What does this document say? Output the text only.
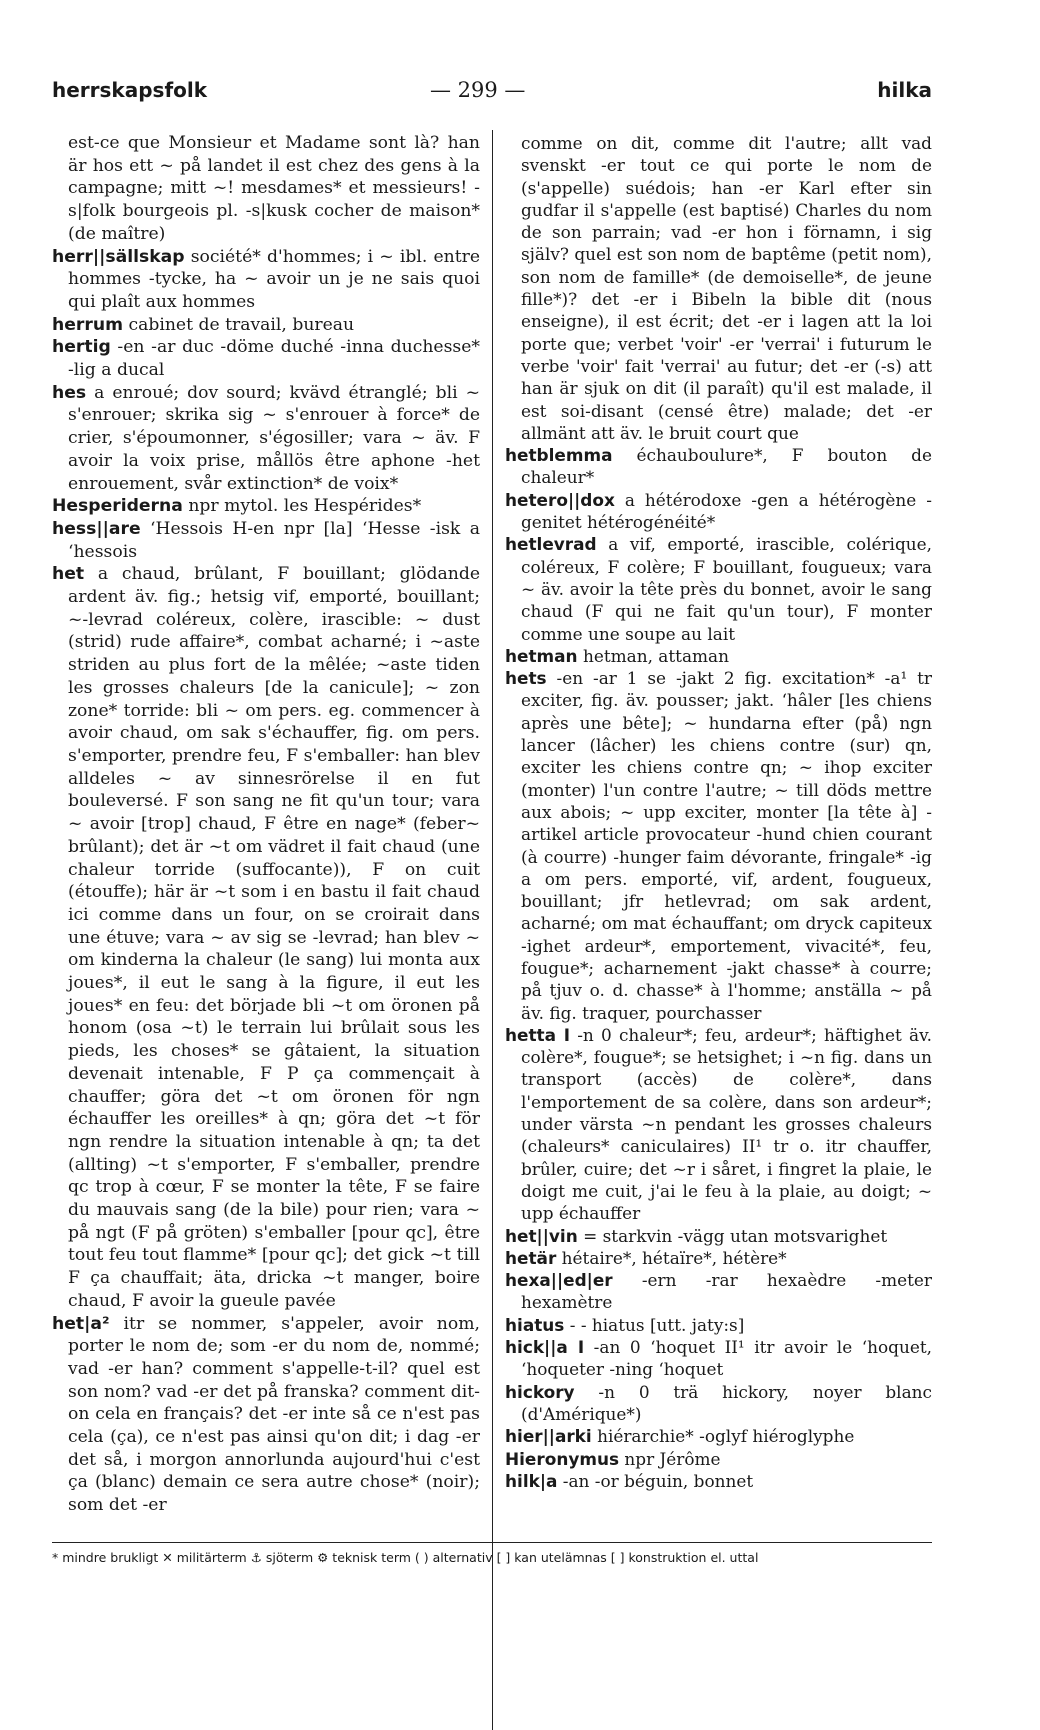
herrskapsfolk	— 299 —	hilka

est-ce que Monsieur et Madame sont là? han är hos ett ~ på landet il est chez des gens à la campagne; mitt ~! mesdames* et messieurs! -s|folk bourgeois pl. -s|kusk cocher de maison* (de maître)

herr||sällskap société* d'hommes; i ~ ibl. entre hommes -tycke, ha ~ avoir un je ne sais quoi qui plaît aux hommes

herrum cabinet de travail, bureau

hertig -en -ar duc -döme duché -inna duchesse* -lig a ducal

hes a enroué; dov sourd; kvävd étranglé; bli ~ s'enrouer; skrika sig ~ s'enrouer à force* de crier, s'époumonner, s'égosiller; vara ~ äv. F avoir la voix prise, mållös être aphone -het enrouement, svår extinction* de voix*

Hesperiderna npr mytol. les Hespérides*

hess||are ʻHessois H-en npr [la] ʻHesse -isk a ʻhessois

het a chaud, brûlant, F bouillant; glödande ardent äv. fig.; hetsig vif, emporté, bouillant; ~-levrad coléreux, colère, irascible: ~ dust (strid) rude affaire*, combat acharné; i ~aste striden au plus fort de la mêlée; ~aste tiden les grosses chaleurs [de la canicule]; ~ zon zone* torride: bli ~ om pers. eg. commencer à avoir chaud, om sak s'échauffer, fig. om pers. s'emporter, prendre feu, F s'emballer: han blev alldeles ~ av sinnesrörelse il en fut bouleversé. F son sang ne fit qu'un tour; vara ~ avoir [trop] chaud, F être en nage* (feber~ brûlant); det är ~t om vädret il fait chaud (une chaleur torride (suffocante)), F on cuit (étouffe); här är ~t som i en bastu il fait chaud ici comme dans un four, on se croirait dans une étuve; vara ~ av sig se -levrad; han blev ~ om kinderna la chaleur (le sang) lui monta aux joues*, il eut le sang à la figure, il eut les joues* en feu: det började bli ~t om öronen på honom (osa ~t) le terrain lui brûlait sous les pieds, les choses* se gâtaient, la situation devenait intenable, F P ça commençait à chauffer; göra det ~t om öronen för ngn échauffer les oreilles* à qn; göra det ~t för ngn rendre la situation intenable à qn; ta det (allting) ~t s'emporter, F s'emballer, prendre qc trop à cœur, F se monter la tête, F se faire du mauvais sang (de la bile) pour rien; vara ~ på ngt (F på gröten) s'emballer [pour qc], être tout feu tout flamme* [pour qc]; det gick ~t till F ça chauffait; äta, dricka ~t manger, boire chaud, F avoir la gueule pavée

het|a² itr se nommer, s'appeler, avoir nom, porter le nom de; som -er du nom de, nommé; vad -er han? comment s'appelle-t-il? quel est son nom? vad -er det på franska? comment dit-on cela en français? det -er inte så ce n'est pas cela (ça), ce n'est pas ainsi qu'on dit; i dag -er det så, i morgon annorlunda aujourd'hui c'est ça (blanc) demain ce sera autre chose* (noir); som det -er

comme on dit, comme dit l'autre; allt vad svenskt -er tout ce qui porte le nom de (s'appelle) suédois; han -er Karl efter sin gudfar il s'appelle (est baptisé) Charles du nom de son parrain; vad -er hon i förnamn, i sig själv? quel est son nom de baptême (petit nom), son nom de famille* (de demoiselle*, de jeune fille*)? det -er i Bibeln la bible dit (nous enseigne), il est écrit; det -er i lagen att la loi porte que; verbet 'voir' -er 'verrai' i futurum le verbe 'voir' fait 'verrai' au futur; det -er (-s) att han är sjuk on dit (il paraît) qu'il est malade, il est soi-disant (censé être) malade; det -er allmänt att äv. le bruit court que

hetblemma échauboulure*, F bouton de chaleur*

hetero||dox a hétérodoxe -gen a hétérogène -genitet hétérogénéité*

hetlevrad a vif, emporté, irascible, colérique, coléreux, F colère; F bouillant, fougueux; vara ~ äv. avoir la tête près du bonnet, avoir le sang chaud (F qui ne fait qu'un tour), F monter comme une soupe au lait

hetman hetman, attaman

hets -en -ar 1 se -jakt 2 fig. excitation* -a¹ tr exciter, fig. äv. pousser; jakt. ʻhâler [les chiens après une bête]; ~ hundarna efter (på) ngn lancer (lâcher) les chiens contre (sur) qn, exciter les chiens contre qn; ~ ihop exciter (monter) l'un contre l'autre; ~ till döds mettre aux abois; ~ upp exciter, monter [la tête à] -artikel article provocateur -hund chien courant (à courre) -hunger faim dévorante, fringale* -ig a om pers. emporté, vif, ardent, fougueux, bouillant; jfr hetlevrad; om sak ardent, acharné; om mat échauffant; om dryck capiteux -ighet ardeur*, emportement, vivacité*, feu, fougue*; acharnement -jakt chasse* à courre; på tjuv o. d. chasse* à l'homme; anställa ~ på äv. fig. traquer, pourchasser

hetta I -n 0 chaleur*; feu, ardeur*; häftighet äv. colère*, fougue*; se hetsighet; i ~n fig. dans un transport (accès) de colère*, dans l'emportement de sa colère, dans son ardeur*; under värsta ~n pendant les grosses chaleurs (chaleurs* caniculaires) II¹ tr o. itr chauffer, brûler, cuire; det ~r i såret, i fingret la plaie, le doigt me cuit, j'ai le feu à la plaie, au doigt; ~ upp échauffer

het||vin = starkvin -vägg utan motsvarighet

hetär hétaire*, hétaïre*, hétère*

hexa||ed|er -ern -rar hexaèdre -meter hexamètre

hiatus - - hiatus [utt. jaty:s]

hick||a I -an 0 ʻhoquet II¹ itr avoir le ʻhoquet, ʻhoqueter -ning ʻhoquet

hickory -n 0 trä hickory, noyer blanc (d'Amérique*)

hier||arki hiérarchie* -oglyf hiéroglyphe

Hieronymus npr Jérôme

hilk|a -an -or béguin, bonnet

* mindre brukligt ✕ militärterm ⚓ sjöterm ⚙ teknisk term ( ) alternativ [ ] kan utelämnas [ ] konstruktion el. uttal
